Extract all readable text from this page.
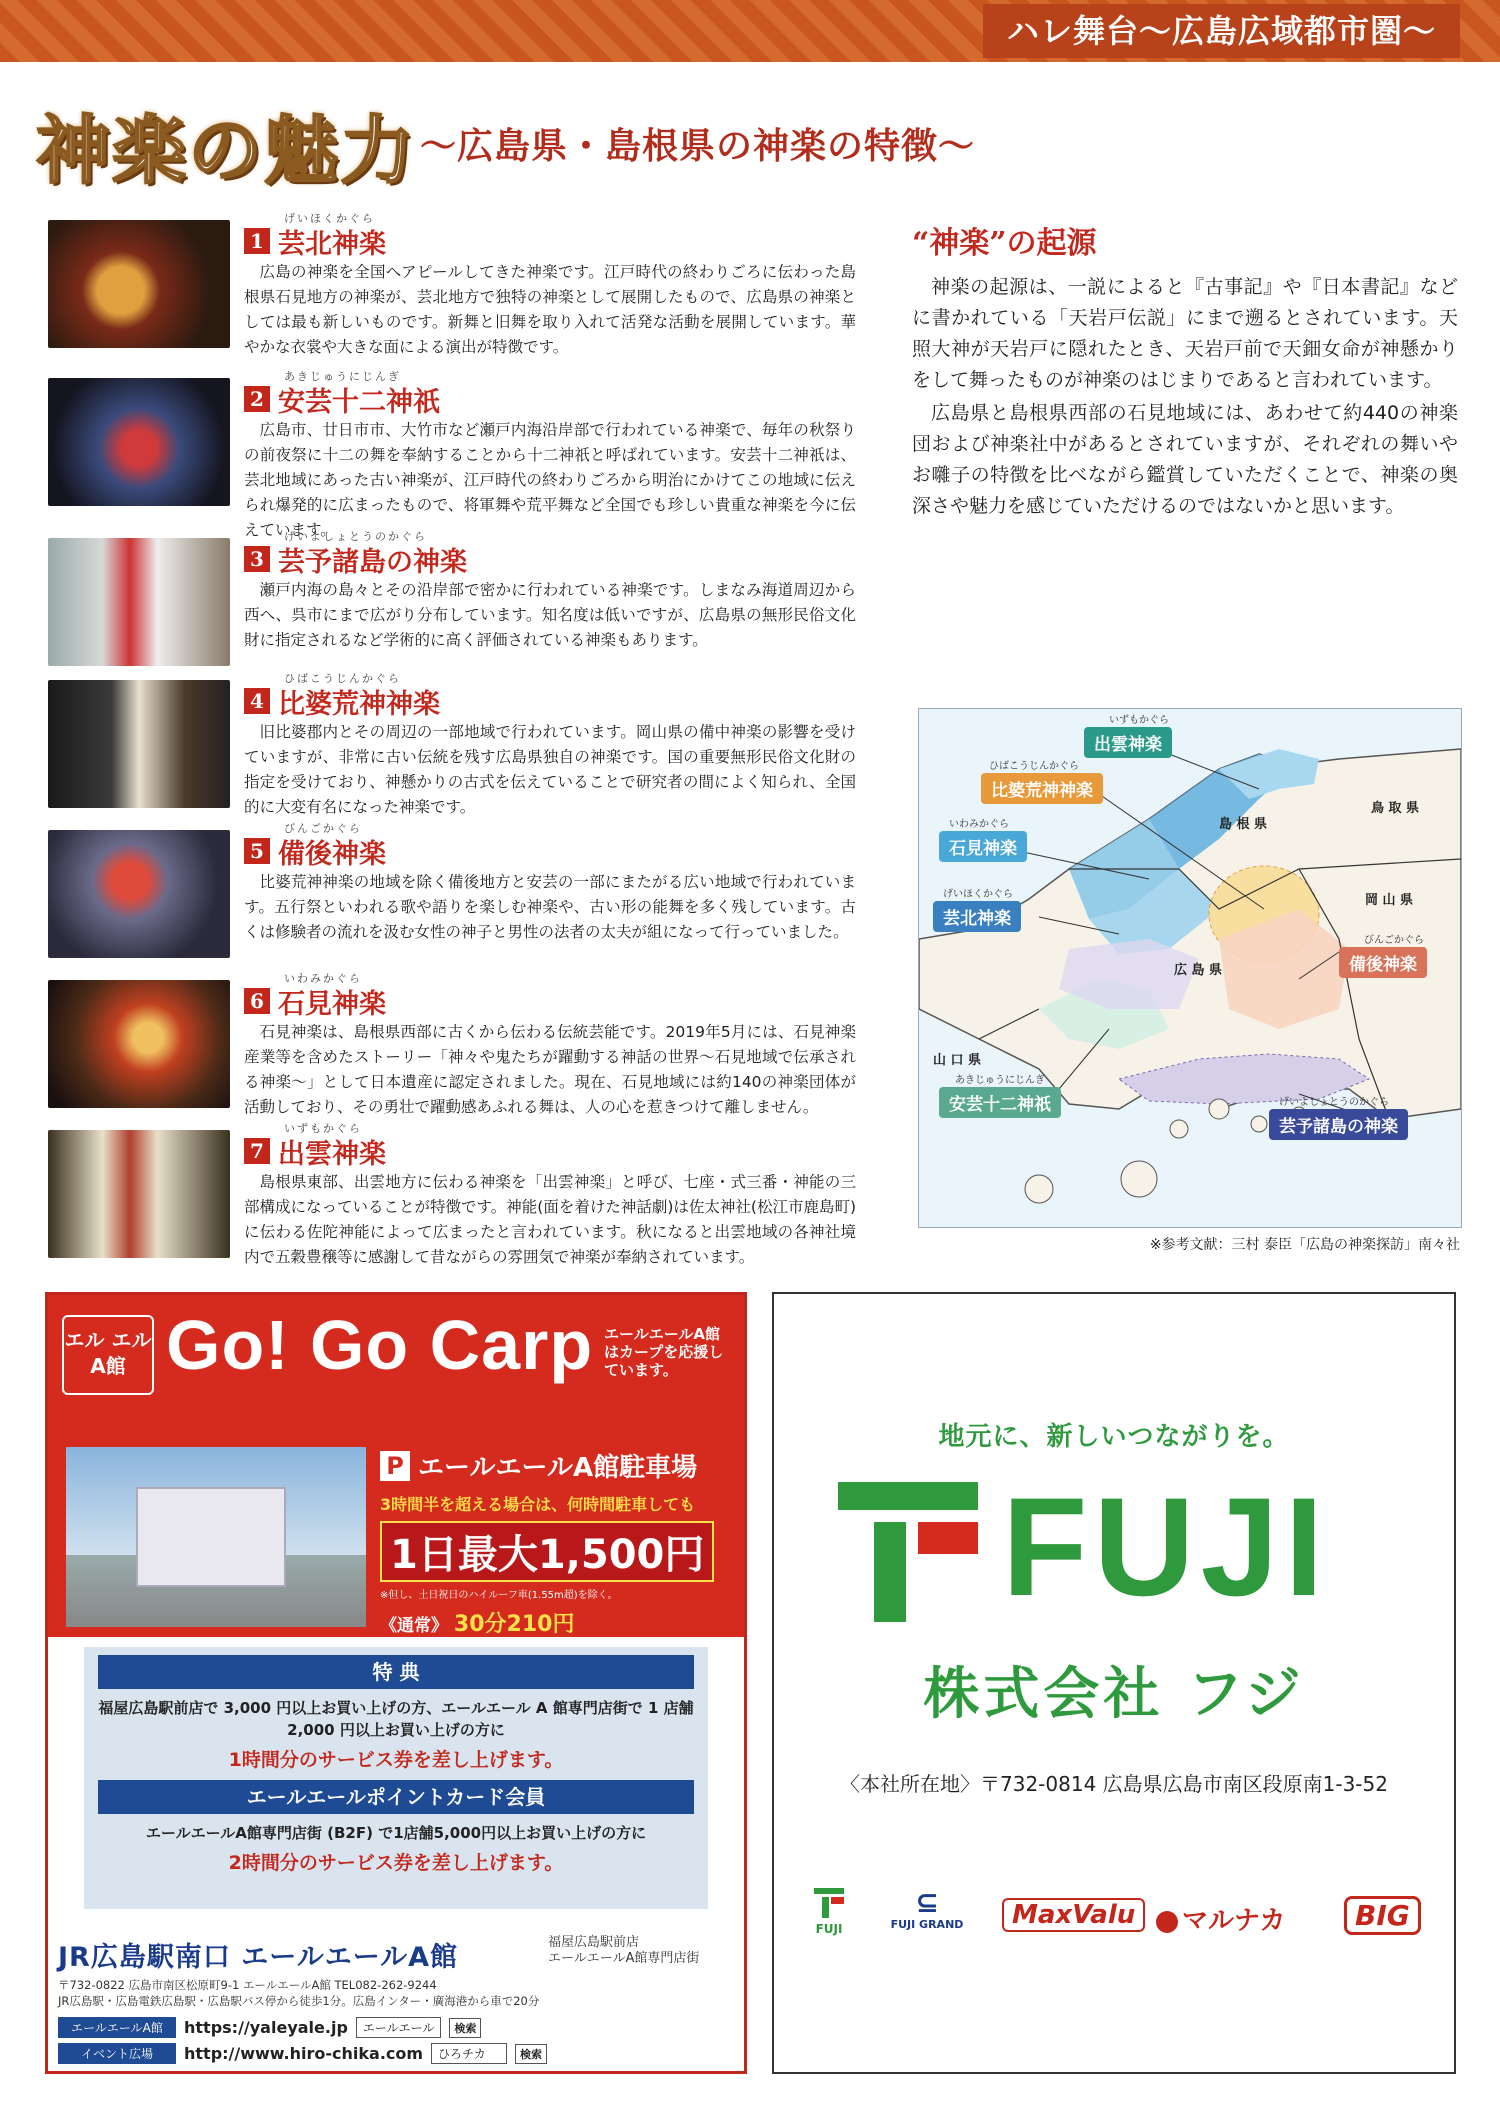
ハレ舞台〜広島広域都市圏〜
神楽の魅力 〜広島県・島根県の神楽の特徴〜
げいほくかぐら
1 芸北神楽
広島の神楽を全国へアピールしてきた神楽です。江戸時代の終わりごろに伝わった島根県石見地方の神楽が、芸北地方で独特の神楽として展開したもので、広島県の神楽としては最も新しいものです。新舞と旧舞を取り入れて活発な活動を展開しています。華やかな衣裳や大きな面による演出が特徴です。
あきじゅうにじんぎ
2 安芸十二神祇
広島市、廿日市市、大竹市など瀬戸内海沿岸部で行われている神楽で、毎年の秋祭りの前夜祭に十二の舞を奉納することから十二神祇と呼ばれています。安芸十二神祇は、芸北地域にあった古い神楽が、江戸時代の終わりごろから明治にかけてこの地域に伝えられ爆発的に広まったもので、将軍舞や荒平舞など全国でも珍しい貴重な神楽を今に伝えています。
げいよしょとうのかぐら
3 芸予諸島の神楽
瀬戸内海の島々とその沿岸部で密かに行われている神楽です。しまなみ海道周辺から西へ、呉市にまで広がり分布しています。知名度は低いですが、広島県の無形民俗文化財に指定されるなど学術的に高く評価されている神楽もあります。
ひばこうじんかぐら
4 比婆荒神神楽
旧比婆郡内とその周辺の一部地域で行われています。岡山県の備中神楽の影響を受けていますが、非常に古い伝統を残す広島県独自の神楽です。国の重要無形民俗文化財の指定を受けており、神懸かりの古式を伝えていることで研究者の間によく知られ、全国的に大変有名になった神楽です。
びんごかぐら
5 備後神楽
比婆荒神神楽の地域を除く備後地方と安芸の一部にまたがる広い地域で行われています。五行祭といわれる歌や語りを楽しむ神楽や、古い形の能舞を多く残しています。古くは修験者の流れを汲む女性の神子と男性の法者の太夫が組になって行っていました。
いわみかぐら
6 石見神楽
石見神楽は、島根県西部に古くから伝わる伝統芸能です。2019年5月には、石見神楽産業等を含めたストーリー「神々や鬼たちが躍動する神話の世界〜石見地域で伝承される神楽〜」として日本遺産に認定されました。現在、石見地域には約140の神楽団体が活動しており、その勇壮で躍動感あふれる舞は、人の心を惹きつけて離しません。
いずもかぐら
7 出雲神楽
島根県東部、出雲地方に伝わる神楽を「出雲神楽」と呼び、七座・式三番・神能の三部構成になっていることが特徴です。神能(面を着けた神話劇)は佐太神社(松江市鹿島町)に伝わる佐陀神能によって広まったと言われています。秋になると出雲地域の各神社境内で五穀豊穣等に感謝して昔ながらの雰囲気で神楽が奉納されています。
“神楽”の起源

神楽の起源は、一説によると『古事記』や『日本書記』などに書かれている「天岩戸伝説」にまで遡るとされています。天照大神が天岩戸に隠れたとき、天岩戸前で天鈿女命が神懸かりをして舞ったものが神楽のはじまりであると言われています。

広島県と島根県西部の石見地域には、あわせて約440の神楽団および神楽社中があるとされていますが、それぞれの舞いやお囃子の特徴を比べながら鑑賞していただくことで、神楽の奥深さや魅力を感じていただけるのではないかと思います。

いずもかぐら
出雲神楽
ひばこうじんかぐら
比婆荒神神楽
いわみかぐら
石見神楽
げいほくかぐら
芸北神楽
びんごかぐら
備後神楽
あきじゅうにじんぎ
安芸十二神祇	げいよしょとうのかぐら
芸予諸島の神楽
島 根 県
鳥 取 県
岡 山 県
広 島 県
山 口 県
※参考文献：三村 泰臣「広島の神楽探訪」南々社
エル エル A館 Go! Go Carp エールエールA館はカープを応援しています。
P エールエールA館駐車場
3時間半を超える場合は、何時間駐車しても
1日最大1,500円
※但し、土日祝日のハイルーフ車(1.55m超)を除く。
《通常》 30分210円
特 典
福屋広島駅前店で 3,000 円以上お買い上げの方、エールエール A 館専門店街で 1 店舗 2,000 円以上お買い上げの方に
1時間分のサービス券を差し上げます。
エールエールポイントカード会員
エールエールA館専門店街 (B2F) で1店舗5,000円以上お買い上げの方に
2時間分のサービス券を差し上げます。
JR広島駅南口 エールエールA館	福屋広島駅前店
エールエールA館専門店街
〒732-0822 広島市南区松原町9-1 エールエールA館 TEL082-262-9244
JR広島駅・広島電鉄広島駅・広島駅バス停から徒歩1分。広島インター・廣海港から車で20分
エールエールA館	https://yaleyale.jp	エールエール	検索
イベント広場	http://www.hiro-chika.com	ひろチカ	検索
地元に、新しいつながりを。
FUJI
株式会社 フジ
〈本社所在地〉〒732-0814 広島県広島市南区段原南1-3-52
FUJI
⊆
FUJI GRAND	MaxValu	マルナカ	BIG
